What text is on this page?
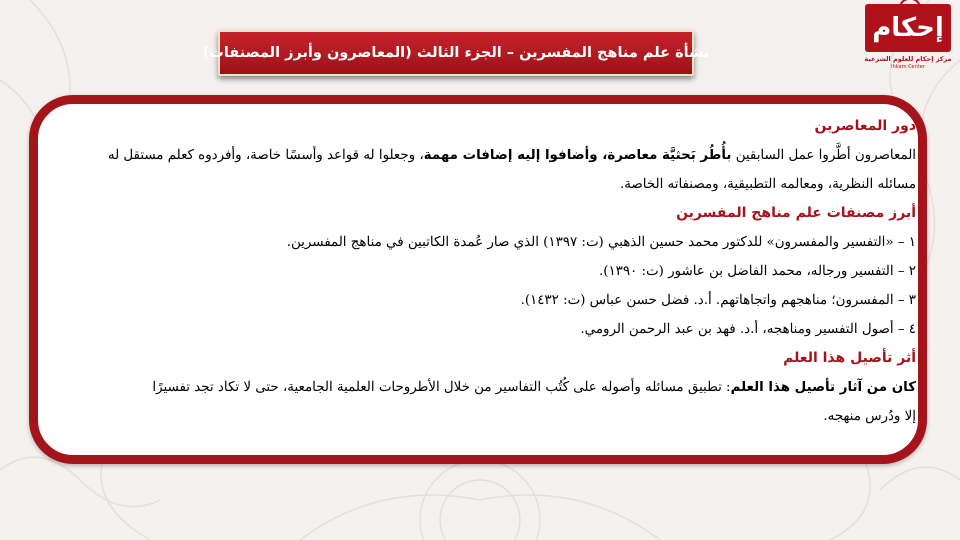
نشأة علم مناهج المفسرين – الجزء الثالث (المعاصرون وأبرز المصنفات)
إحكام
مركز إحكام للعلوم الشرعية
Ihkam Center
دور المعاصرين
المعاصرون أطَّروا عمل السابقين بأُطُر بَحثيَّة معاصرة، وأضافوا إليه إضافات مهمة، وجعلوا له قواعد وأسسًا خاصة، وأفردوه كعلم مستقل له
مسائله النظرية، ومعالمه التطبيقية، ومصنفاته الخاصة.
أبرز مصنفات علم مناهج المفسرين
١ – «التفسير والمفسرون» للدكتور محمد حسين الذهبي (ت: ١٣٩٧) الذي صار عُمدة الكاتبين في مناهج المفسرين.
٢ – التفسير ورجاله، محمد الفاضل بن عاشور (ت: ١٣٩٠).
٣ – المفسرون؛ مناهجهم واتجاهاتهم. أ.د. فضل حسن عباس (ت: ١٤٣٢).
٤ – أصول التفسير ومناهجه، أ.د. فهد بن عبد الرحمن الرومي.
أثر تأصيل هذا العلم
كان من آثار تأصيل هذا العلم: تطبيق مسائله وأصوله على كُتُب التفاسير من خلال الأطروحات العلمية الجامعية، حتى لا تكاد تجد تفسيرًا
إلا ودُرس منهجه.
